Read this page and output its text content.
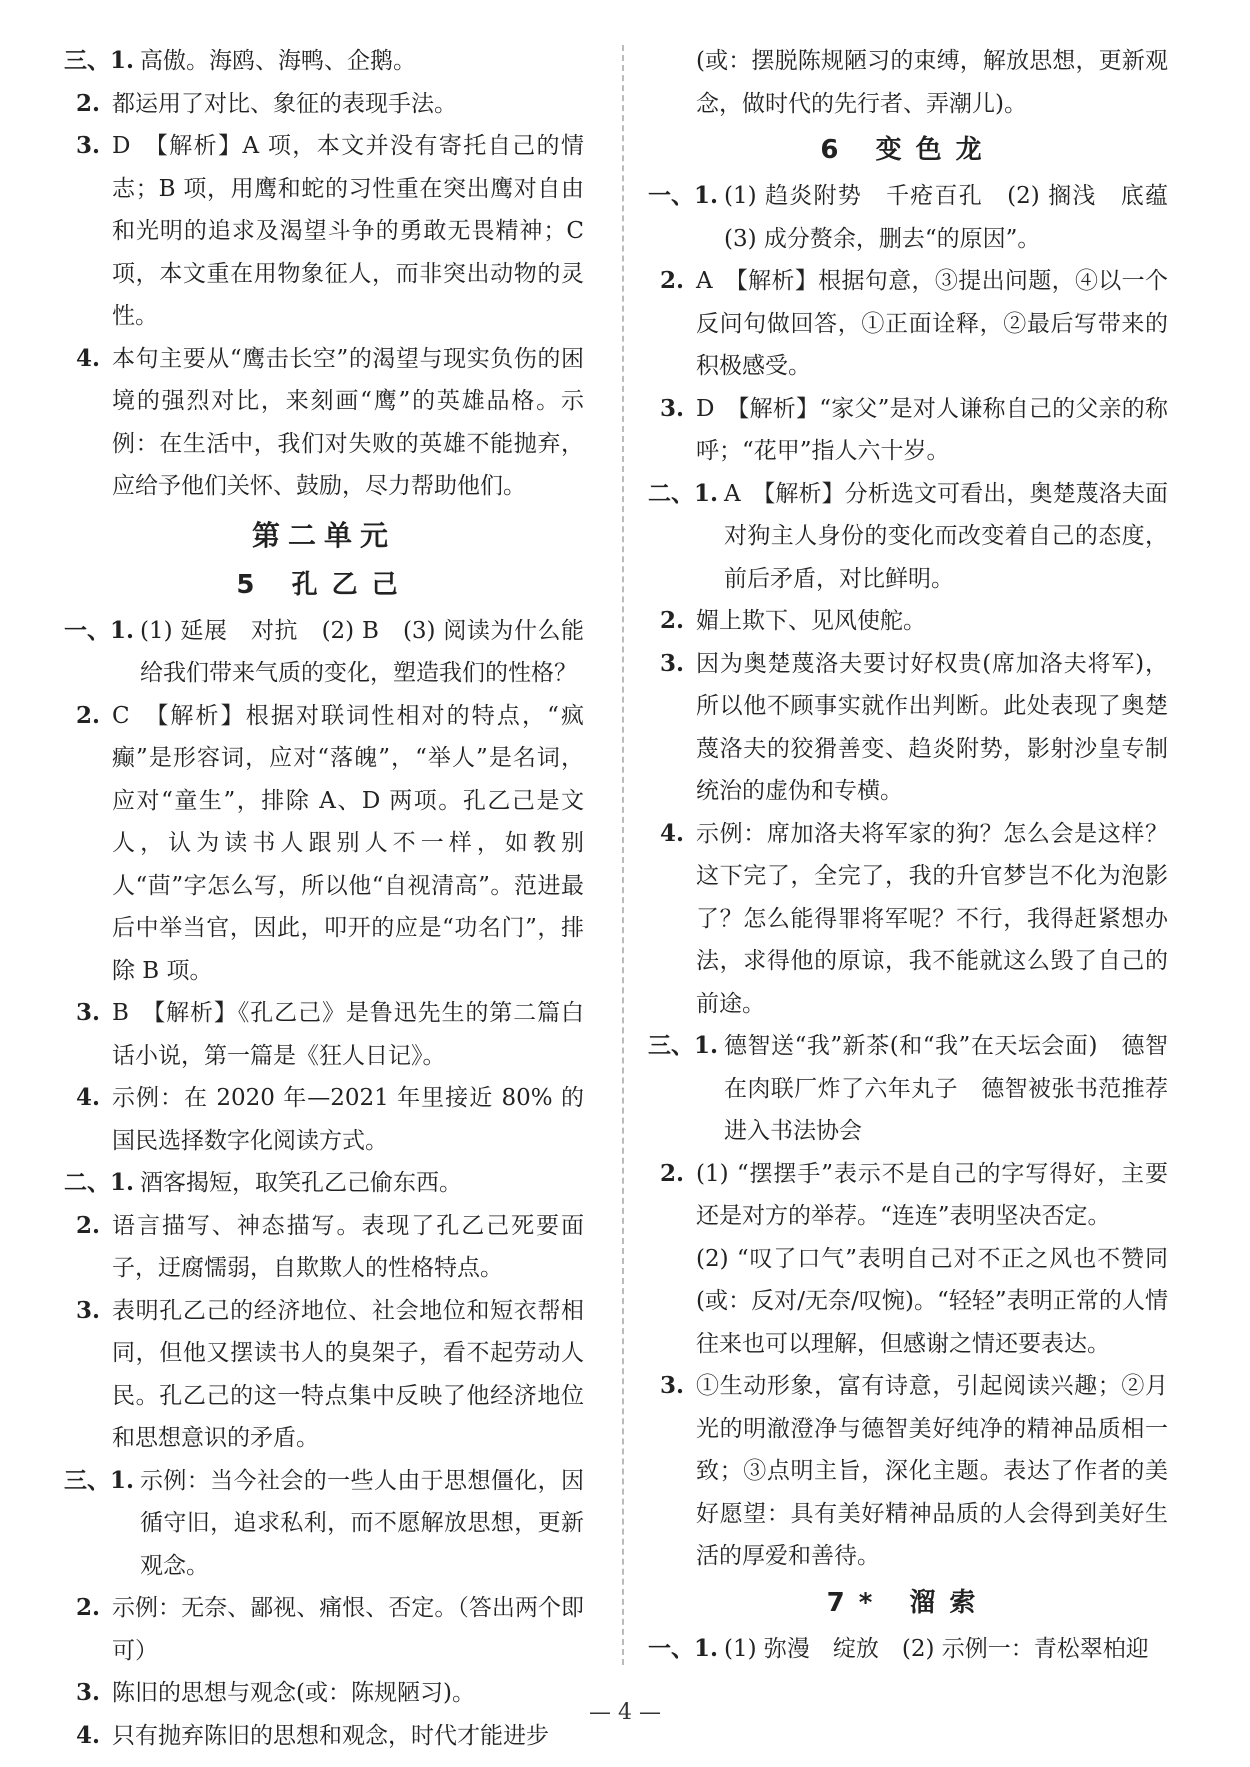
三、1. 高傲。海鸥、海鸭、企鹅。
2. 都运用了对比、象征的表现手法。
3. D　【解析】A 项，本文并没有寄托自己的情志；B 项，用鹰和蛇的习性重在突出鹰对自由和光明的追求及渴望斗争的勇敢无畏精神；C 项，本文重在用物象征人，而非突出动物的灵性。
4. 本句主要从“鹰击长空”的渴望与现实负伤的困境的强烈对比，来刻画“鹰”的英雄品格。示例：在生活中，我们对失败的英雄不能抛弃，应给予他们关怀、鼓励，尽力帮助他们。
第二单元
5 孔乙己
一、1. (1) 延展　对抗　(2) B　(3) 阅读为什么能给我们带来气质的变化，塑造我们的性格？
2. C　【解析】根据对联词性相对的特点，“疯癫”是形容词，应对“落魄”，“举人”是名词，应对“童生”，排除 A、D 两项。孔乙己是文人，认为读书人跟别人不一样，如教别人“茴”字怎么写，所以他“自视清高”。范进最后中举当官，因此，叩开的应是“功名门”，排除 B 项。
3. B　【解析】《孔乙己》是鲁迅先生的第二篇白话小说，第一篇是《狂人日记》。
4. 示例：在 2020 年—2021 年里接近 80% 的国民选择数字化阅读方式。
二、1. 酒客揭短，取笑孔乙己偷东西。
2. 语言描写、神态描写。表现了孔乙己死要面子，迂腐懦弱，自欺欺人的性格特点。
3. 表明孔乙己的经济地位、社会地位和短衣帮相同，但他又摆读书人的臭架子，看不起劳动人民。孔乙己的这一特点集中反映了他经济地位和思想意识的矛盾。
三、1. 示例：当今社会的一些人由于思想僵化，因循守旧，追求私利，而不愿解放思想，更新观念。
2. 示例：无奈、鄙视、痛恨、否定。（答出两个即可）
3. 陈旧的思想与观念(或：陈规陋习)。
4. 只有抛弃陈旧的思想和观念，时代才能进步
(或：摆脱陈规陋习的束缚，解放思想，更新观念，做时代的先行者、弄潮儿)。
6 变色龙
一、1. (1) 趋炎附势　千疮百孔　(2) 搁浅　底蕴　(3) 成分赘余，删去“的原因”。
2. A　【解析】根据句意，③提出问题，④以一个反问句做回答，①正面诠释，②最后写带来的积极感受。
3. D　【解析】“家父”是对人谦称自己的父亲的称呼；“花甲”指人六十岁。
二、1. A　【解析】分析选文可看出，奥楚蔑洛夫面对狗主人身份的变化而改变着自己的态度，前后矛盾，对比鲜明。
2. 媚上欺下、见风使舵。
3. 因为奥楚蔑洛夫要讨好权贵(席加洛夫将军)，所以他不顾事实就作出判断。此处表现了奥楚蔑洛夫的狡猾善变、趋炎附势，影射沙皇专制统治的虚伪和专横。
4. 示例：席加洛夫将军家的狗？怎么会是这样？这下完了，全完了，我的升官梦岂不化为泡影了？怎么能得罪将军呢？不行，我得赶紧想办法，求得他的原谅，我不能就这么毁了自己的前途。
三、1. 德智送“我”新茶(和“我”在天坛会面)　德智在肉联厂炸了六年丸子　德智被张书范推荐进入书法协会
2. (1) “摆摆手”表示不是自己的字写得好，主要还是对方的举荐。“连连”表明坚决否定。
(2) “叹了口气”表明自己对不正之风也不赞同(或：反对/无奈/叹惋)。“轻轻”表明正常的人情往来也可以理解，但感谢之情还要表达。
3. ①生动形象，富有诗意，引起阅读兴趣；②月光的明澈澄净与德智美好纯净的精神品质相一致；③点明主旨，深化主题。表达了作者的美好愿望：具有美好精神品质的人会得到美好生活的厚爱和善待。
7* 溜索
一、1. (1) 弥漫　绽放　(2) 示例一：青松翠柏迎
— 4 —
